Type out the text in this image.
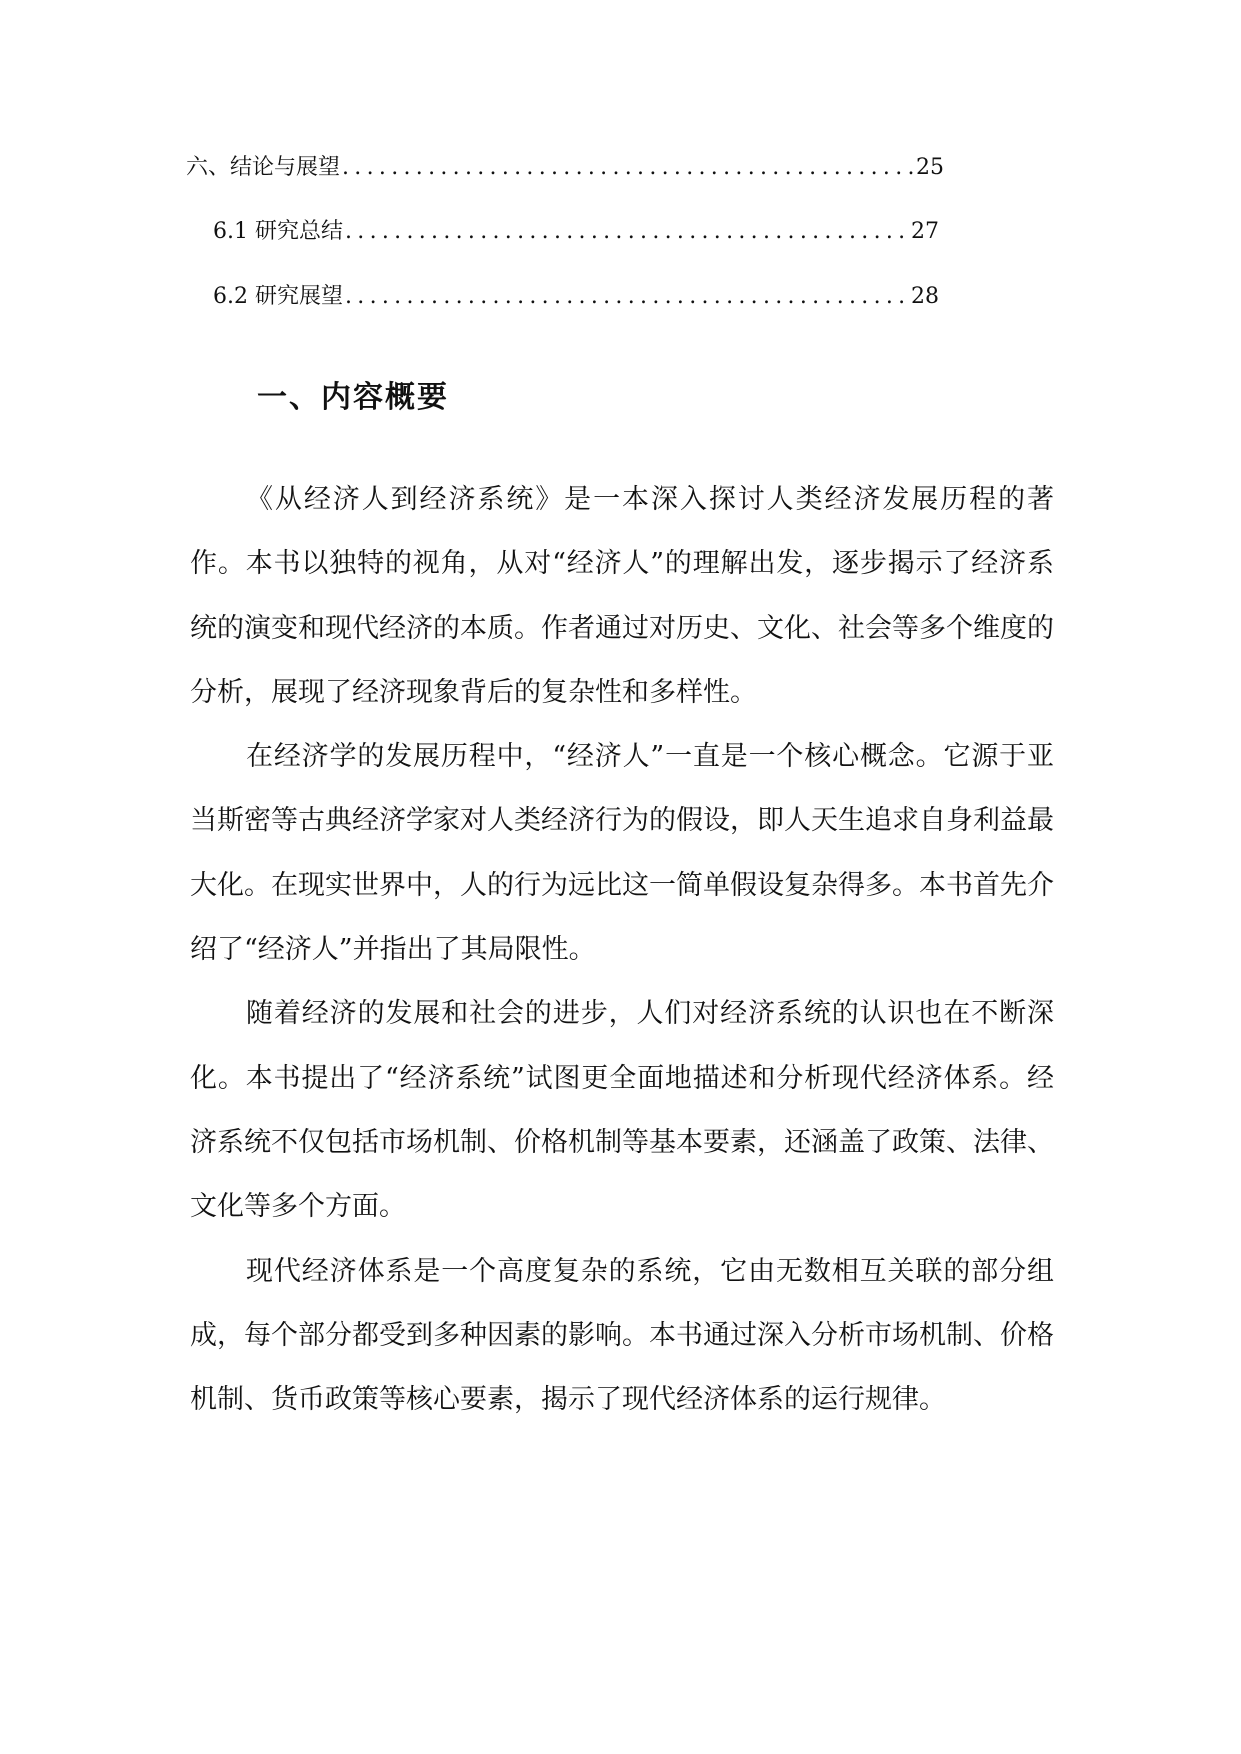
六、结论与展望 .....	25
6.1 研究总结 .....	27
6.2 研究展望 .....	28
一、内容概要

《从经济人到经济系统》是一本深入探讨人类经济发展历程的著作。本书以独特的视角，从对“经济人”的理解出发，逐步揭示了经济系统的演变和现代经济的本质。作者通过对历史、文化、社会等多个维度的分析，展现了经济现象背后的复杂性和多样性。

在经济学的发展历程中，“经济人”一直是一个核心概念。它源于亚当斯密等古典经济学家对人类经济行为的假设，即人天生追求自身利益最大化。在现实世界中，人的行为远比这一简单假设复杂得多。本书首先介绍了“经济人”并指出了其局限性。

随着经济的发展和社会的进步，人们对经济系统的认识也在不断深化。本书提出了“经济系统”试图更全面地描述和分析现代经济体系。经济系统不仅包括市场机制、价格机制等基本要素，还涵盖了政策、法律、文化等多个方面。

现代经济体系是一个高度复杂的系统，它由无数相互关联的部分组成，每个部分都受到多种因素的影响。本书通过深入分析市场机制、价格机制、货币政策等核心要素，揭示了现代经济体系的运行规律。
